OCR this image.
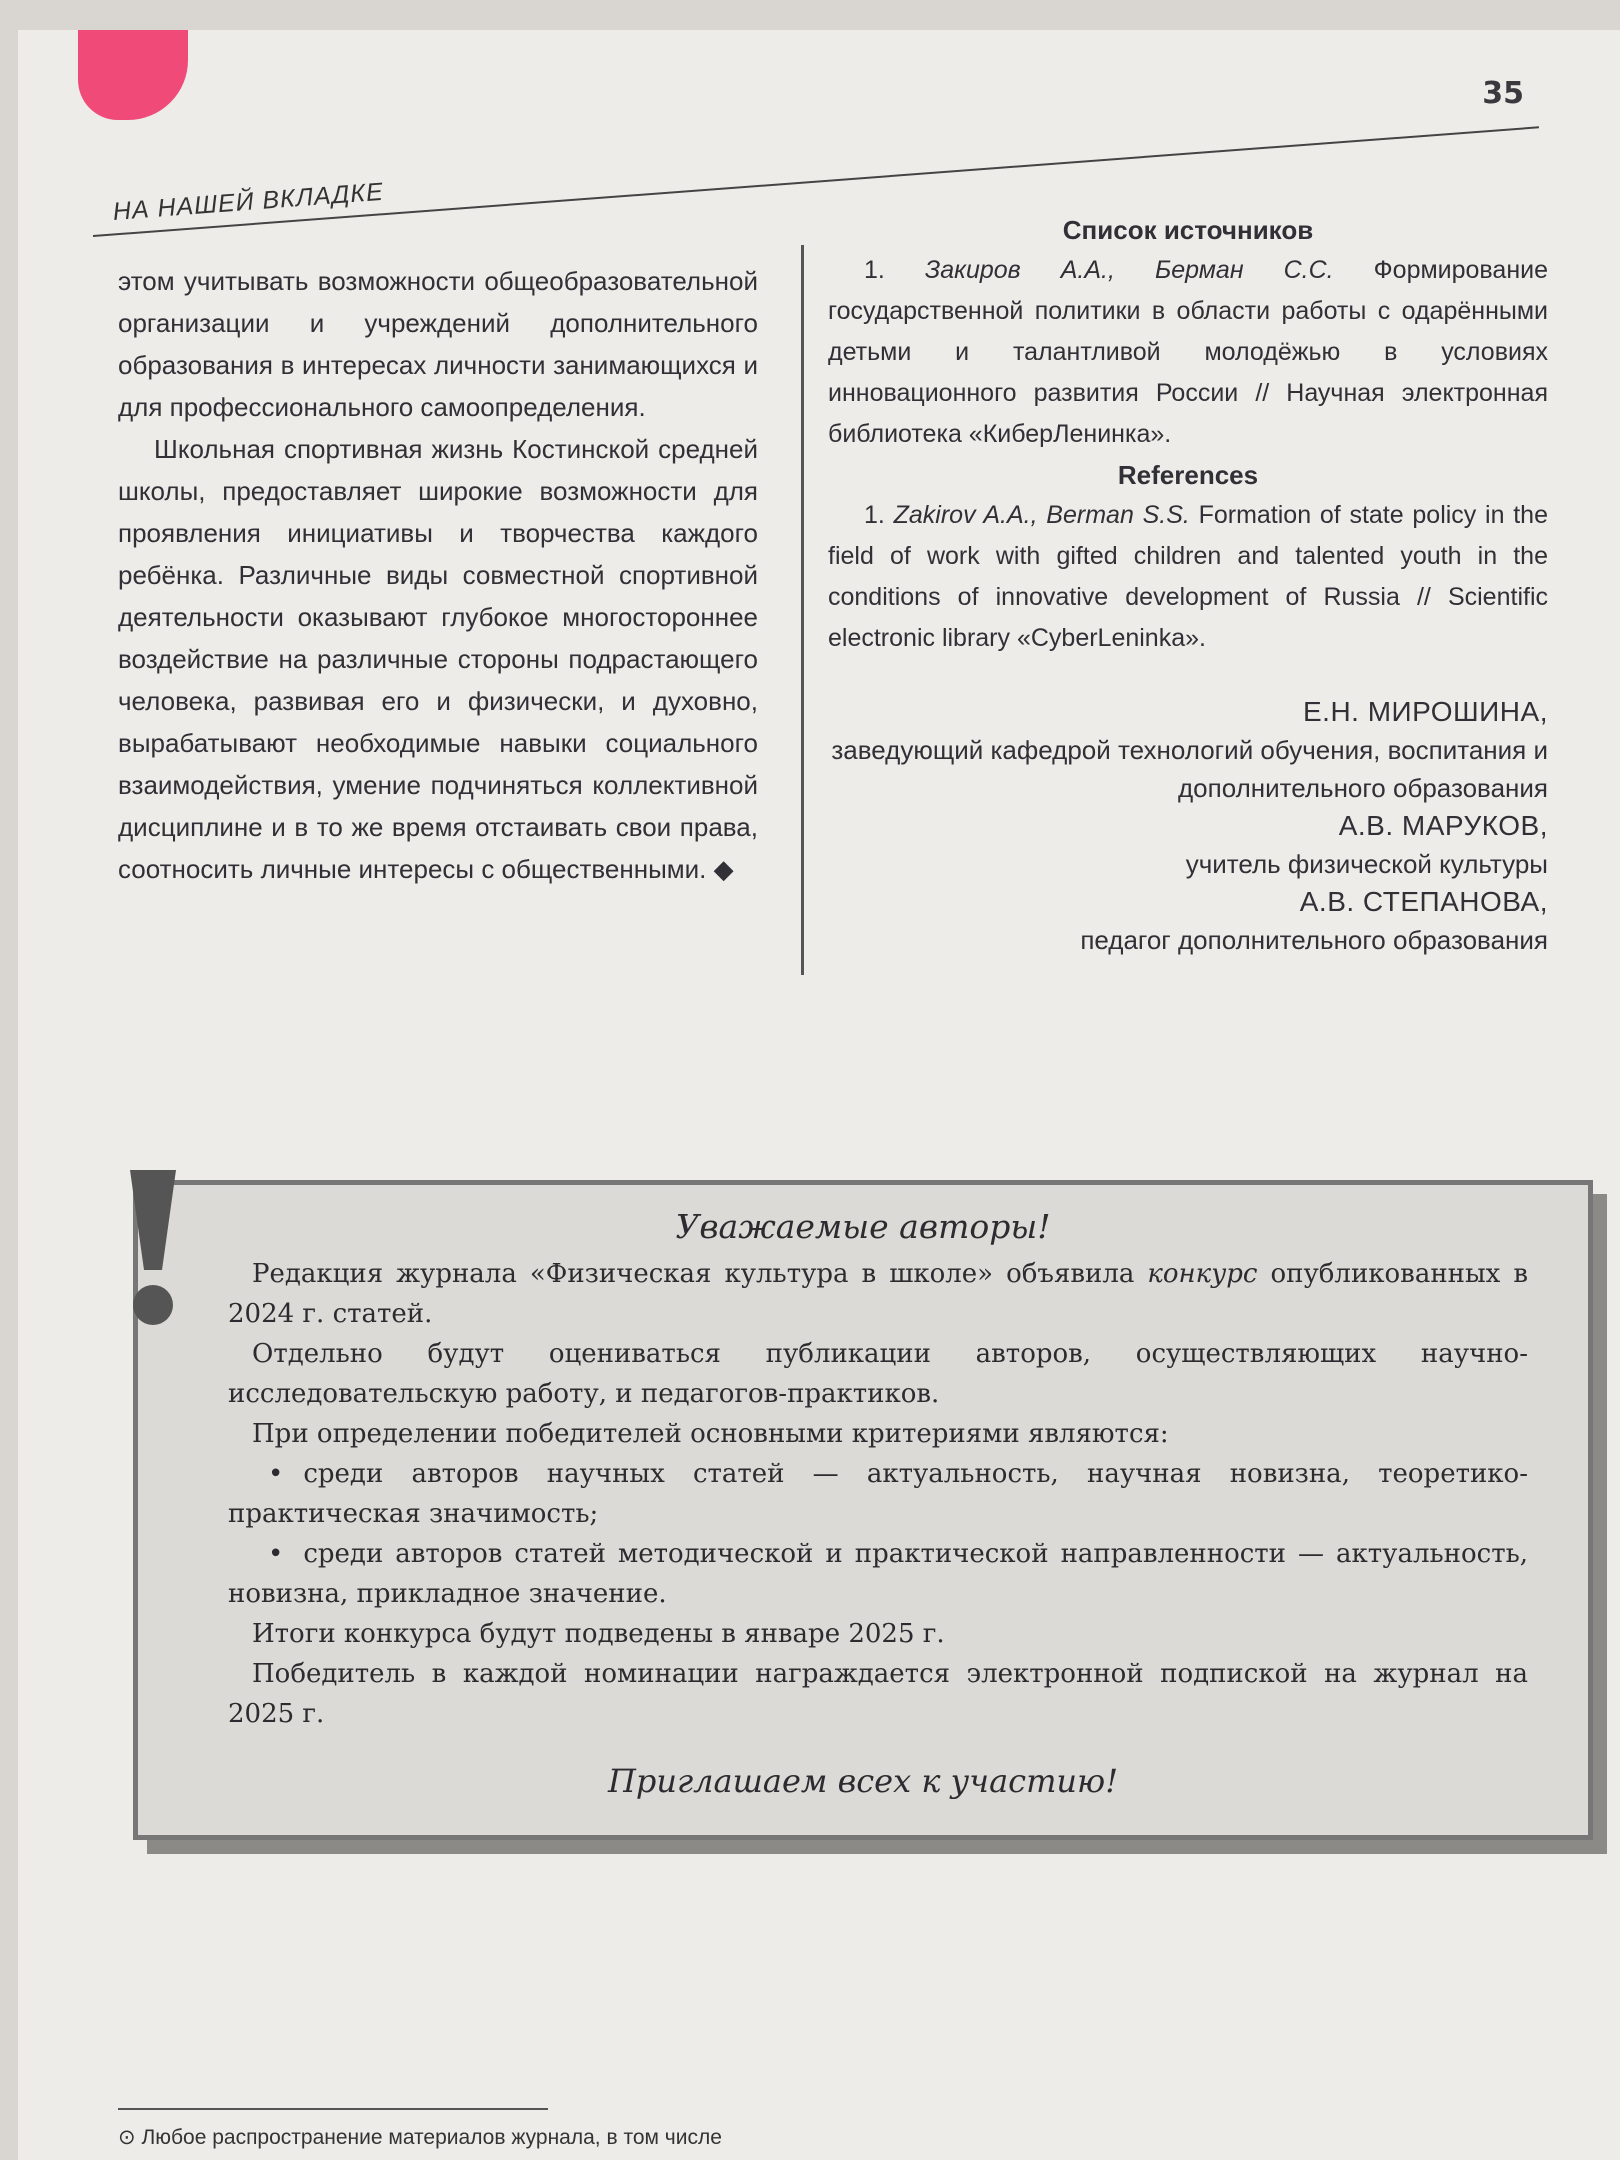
35
НА НАШЕЙ ВКЛАДКЕ

этом учитывать возможности общеобразовательной организации и учреждений дополнительного образования в интересах личности занимающихся и для профессионального самоопределения.

Школьная спортивная жизнь Костинской средней школы, предоставляет широкие возможности для проявления инициативы и творчества каждого ребёнка. Различные виды совместной спортивной деятельности оказывают глубокое многостороннее воздействие на различные стороны подрастающего человека, развивая его и физически, и духовно, вырабатывают необходимые навыки социального взаимодействия, умение подчиняться коллективной дисциплине и в то же время отстаивать свои права, соотносить личные интересы с общественными. ◆

Список источников

1. Закиров А.А., Берман С.С. Формирование государственной политики в области работы с одарёнными детьми и талантливой молодёжью в условиях инновационного развития России // Научная электронная библиотека «КиберЛенинка».

References

1. Zakirov A.A., Berman S.S. Formation of state policy in the field of work with gifted children and talented youth in the conditions of innovative development of Russia // Scientific electronic library «CyberLeninka».

Е.Н. МИРОШИНА,
заведующий кафедрой технологий обучения, воспитания и дополнительного образования
А.В. МАРУКОВ,
учитель физической культуры
А.В. СТЕПАНОВА,
педагог дополнительного образования
Уважаемые авторы!

Редакция журнала «Физическая культура в школе» объявила конкурс опубликованных в 2024 г. статей.

Отдельно будут оцениваться публикации авторов, осуществляющих научно-исследовательскую работу, и педагогов-практиков.

При определении победителей основными критериями являются:

• среди авторов научных статей — актуальность, научная новизна, теоретико-практическая значимость;

• среди авторов статей методической и практической направленности — актуальность, новизна, прикладное значение.

Итоги конкурса будут подведены в январе 2025 г.

Победитель в каждой номинации награждается электронной подпиской на журнал на 2025 г.

Приглашаем всех к участию!
⊙ Любое распространение материалов журнала, в том числе
